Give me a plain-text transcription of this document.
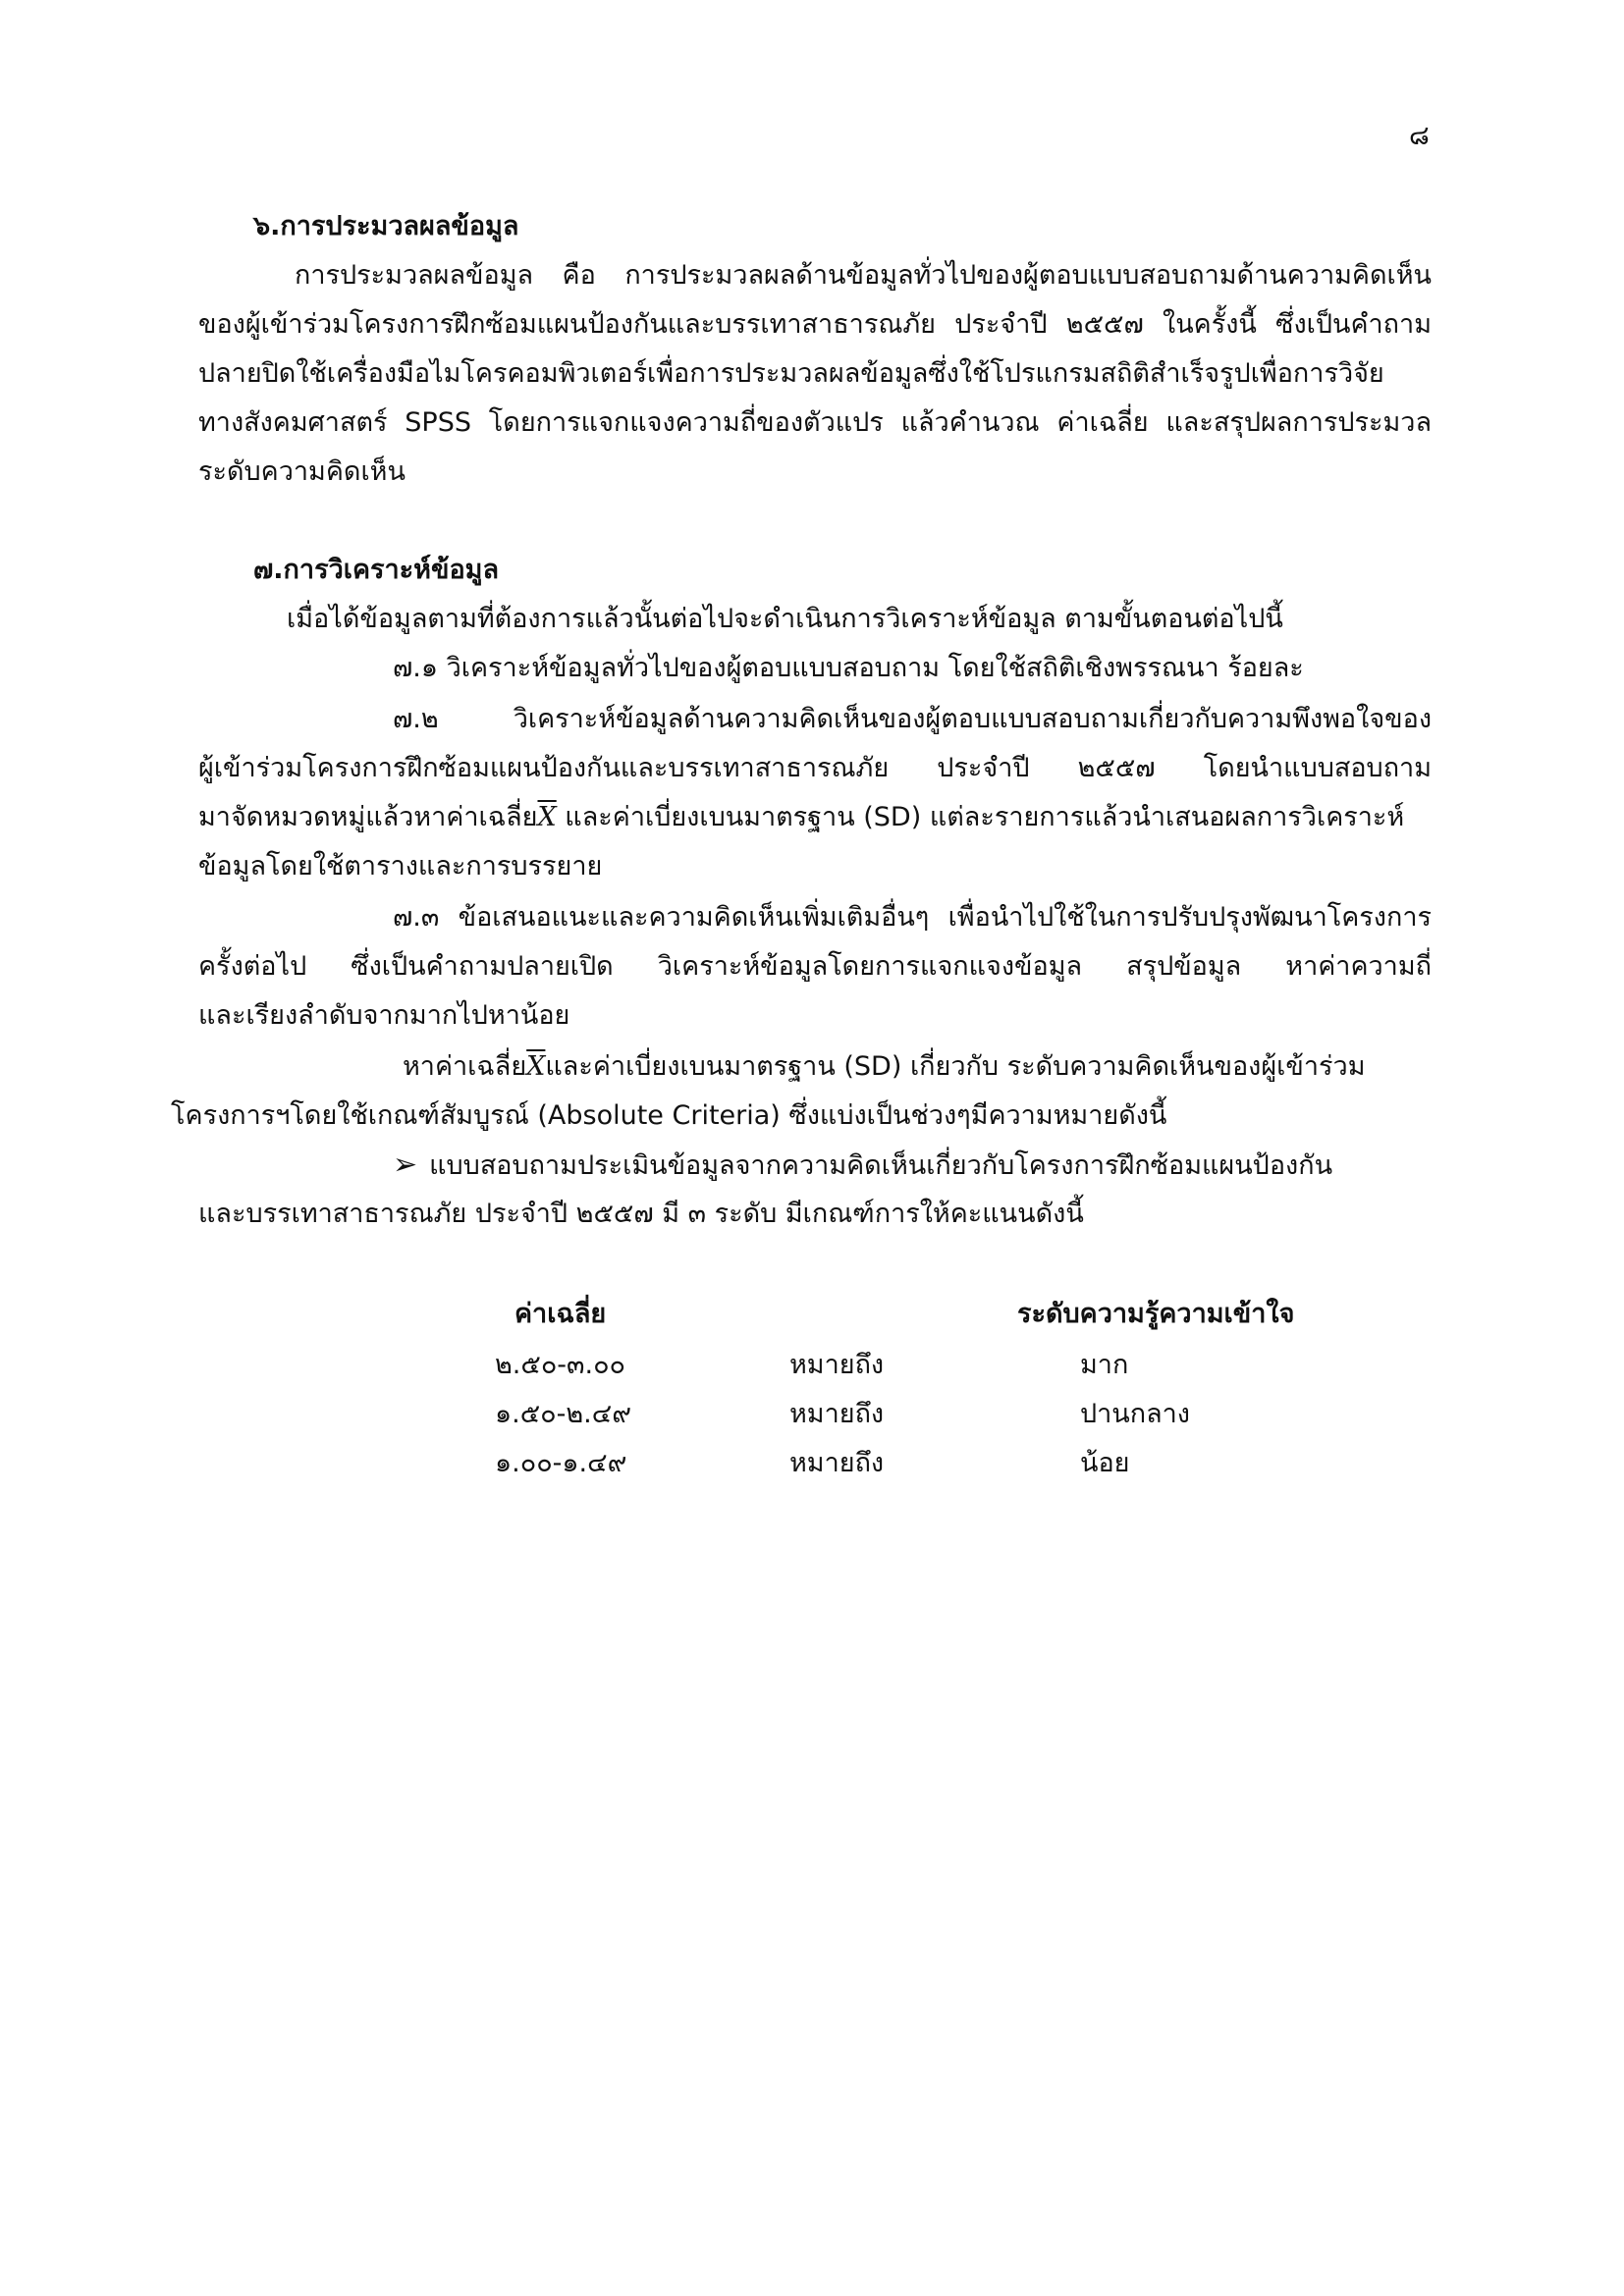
๘
๖.การประมวลผลข้อมูล
การประมวลผลข้อมูล คือ การประมวลผลด้านข้อมูลทั่วไปของผู้ตอบแบบสอบถามด้านความคิดเห็น
ของผู้เข้าร่วมโครงการฝึกซ้อมแผนป้องกันและบรรเทาสาธารณภัย ประจำปี ๒๕๕๗ ในครั้งนี้ ซึ่งเป็นคำถาม
ปลายปิดใช้เครื่องมือไมโครคอมพิวเตอร์เพื่อการประมวลผลข้อมูลซึ่งใช้โปรแกรมสถิติสำเร็จรูปเพื่อการวิจัย
ทางสังคมศาสตร์ SPSS โดยการแจกแจงความถี่ของตัวแปร แล้วคำนวณ ค่าเฉลี่ย และสรุปผลการประมวล
ระดับความคิดเห็น
๗.การวิเคราะห์ข้อมูล
เมื่อได้ข้อมูลตามที่ต้องการแล้วนั้นต่อไปจะดำเนินการวิเคราะห์ข้อมูล ตามขั้นตอนต่อไปนี้
๗.๑ วิเคราะห์ข้อมูลทั่วไปของผู้ตอบแบบสอบถาม โดยใช้สถิติเชิงพรรณนา ร้อยละ
๗.๒ วิเคราะห์ข้อมูลด้านความคิดเห็นของผู้ตอบแบบสอบถามเกี่ยวกับความพึงพอใจของ
ผู้เข้าร่วมโครงการฝึกซ้อมแผนป้องกันและบรรเทาสาธารณภัย ประจำปี ๒๕๕๗ โดยนำแบบสอบถาม
มาจัดหมวดหมู่แล้วหาค่าเฉลี่ย$\overline{X}$ และค่าเบี่ยงเบนมาตรฐาน (SD) แต่ละรายการแล้วนำเสนอผลการวิเคราะห์
ข้อมูลโดยใช้ตารางและการบรรยาย
๗.๓ ข้อเสนอแนะและความคิดเห็นเพิ่มเติมอื่นๆ เพื่อนำไปใช้ในการปรับปรุงพัฒนาโครงการ
ครั้งต่อไป ซึ่งเป็นคำถามปลายเปิด วิเคราะห์ข้อมูลโดยการแจกแจงข้อมูล สรุปข้อมูล หาค่าความถี่
และเรียงลำดับจากมากไปหาน้อย
หาค่าเฉลี่ย$\overline{X}$และค่าเบี่ยงเบนมาตรฐาน (SD) เกี่ยวกับ ระดับความคิดเห็นของผู้เข้าร่วม
โครงการฯโดยใช้เกณฑ์สัมบูรณ์ (Absolute Criteria) ซึ่งแบ่งเป็นช่วงๆมีความหมายดังนี้
➢ แบบสอบถามประเมินข้อมูลจากความคิดเห็นเกี่ยวกับโครงการฝึกซ้อมแผนป้องกัน
และบรรเทาสาธารณภัย ประจำปี ๒๕๕๗ มี ๓ ระดับ มีเกณฑ์การให้คะแนนดังนี้
ค่าเฉลี่ย	ระดับความรู้ความเข้าใจ
๒.๕๐-๓.๐๐	หมายถึง	มาก
๑.๕๐-๒.๔๙	หมายถึง	ปานกลาง
๑.๐๐-๑.๔๙	หมายถึง	น้อย
